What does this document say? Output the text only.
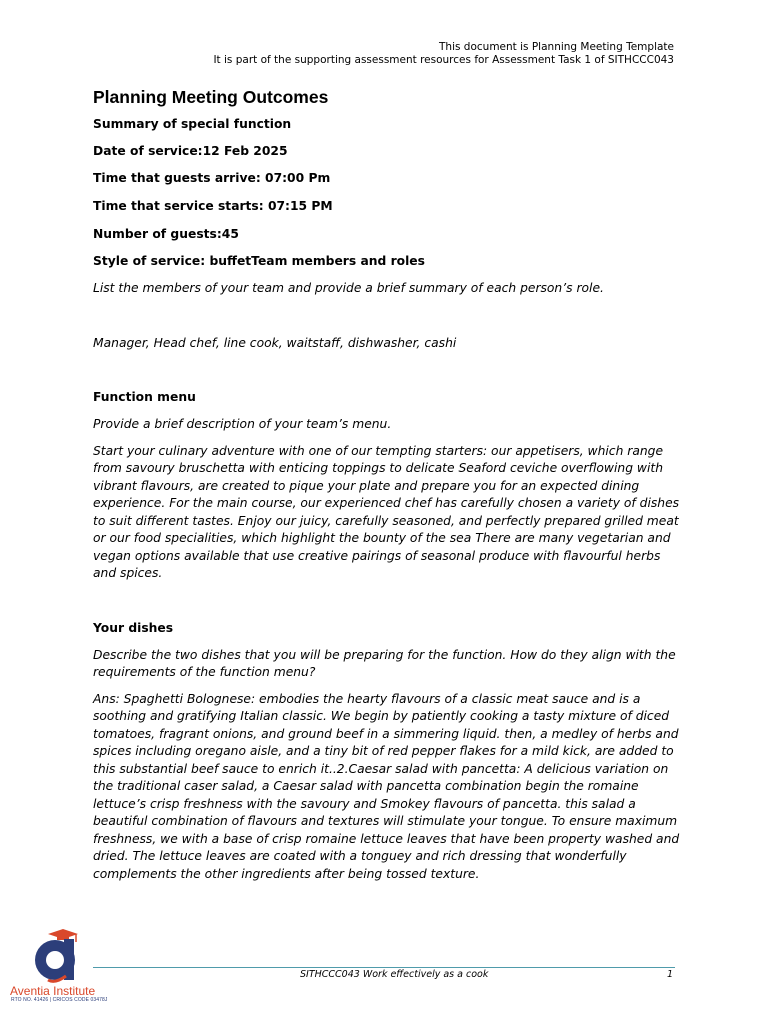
This document is Planning Meeting Template
It is part of the supporting assessment resources for Assessment Task 1 of SITHCCC043
Planning Meeting Outcomes

Summary of special function

Date of service:12 Feb 2025

Time that guests arrive: 07:00 Pm

Time that service starts: 07:15 PM

Number of guests:45

Style of service: buffetTeam members and roles

List the members of your team and provide a brief summary of each person’s role.

Manager, Head chef, line cook, waitstaff, dishwasher, cashi

Function menu

Provide a brief description of your team’s menu.

Start your culinary adventure with one of our tempting starters: our appetisers, which range from savoury bruschetta with enticing toppings to delicate Seaford ceviche overflowing with vibrant flavours, are created to pique your plate and prepare you for an expected dining experience. For the main course, our experienced chef has carefully chosen a variety of dishes to suit different tastes. Enjoy our juicy, carefully seasoned, and perfectly prepared grilled meat or our food specialities, which highlight the bounty of the sea There are many vegetarian and vegan options available that use creative pairings of seasonal produce with flavourful herbs and spices.

Your dishes

Describe the two dishes that you will be preparing for the function. How do they align with the requirements of the function menu?

Ans: Spaghetti Bolognese: embodies the hearty flavours of a classic meat sauce and is a soothing and gratifying Italian classic. We begin by patiently cooking a tasty mixture of diced tomatoes, fragrant onions, and ground beef in a simmering liquid. then, a medley of herbs and spices including oregano aisle, and a tiny bit of red pepper flakes for a mild kick, are added to this substantial beef sauce to enrich it..2.Caesar salad with pancetta: A delicious variation on the traditional caser salad, a Caesar salad with pancetta combination begin the romaine lettuce’s crisp freshness with the savoury and Smokey flavours of pancetta. this salad a beautiful combination of flavours and textures will stimulate your tongue. To ensure maximum freshness, we with a base of crisp romaine lettuce leaves that have been property washed and dried. The lettuce leaves are coated with a tonguey and rich dressing that wonderfully complements the other ingredients after being tossed texture.

Aventia Institute
RTO NO. 41426 | CRICOS CODE 03478J
SITHCCC043 Work effectively as a cook	1
